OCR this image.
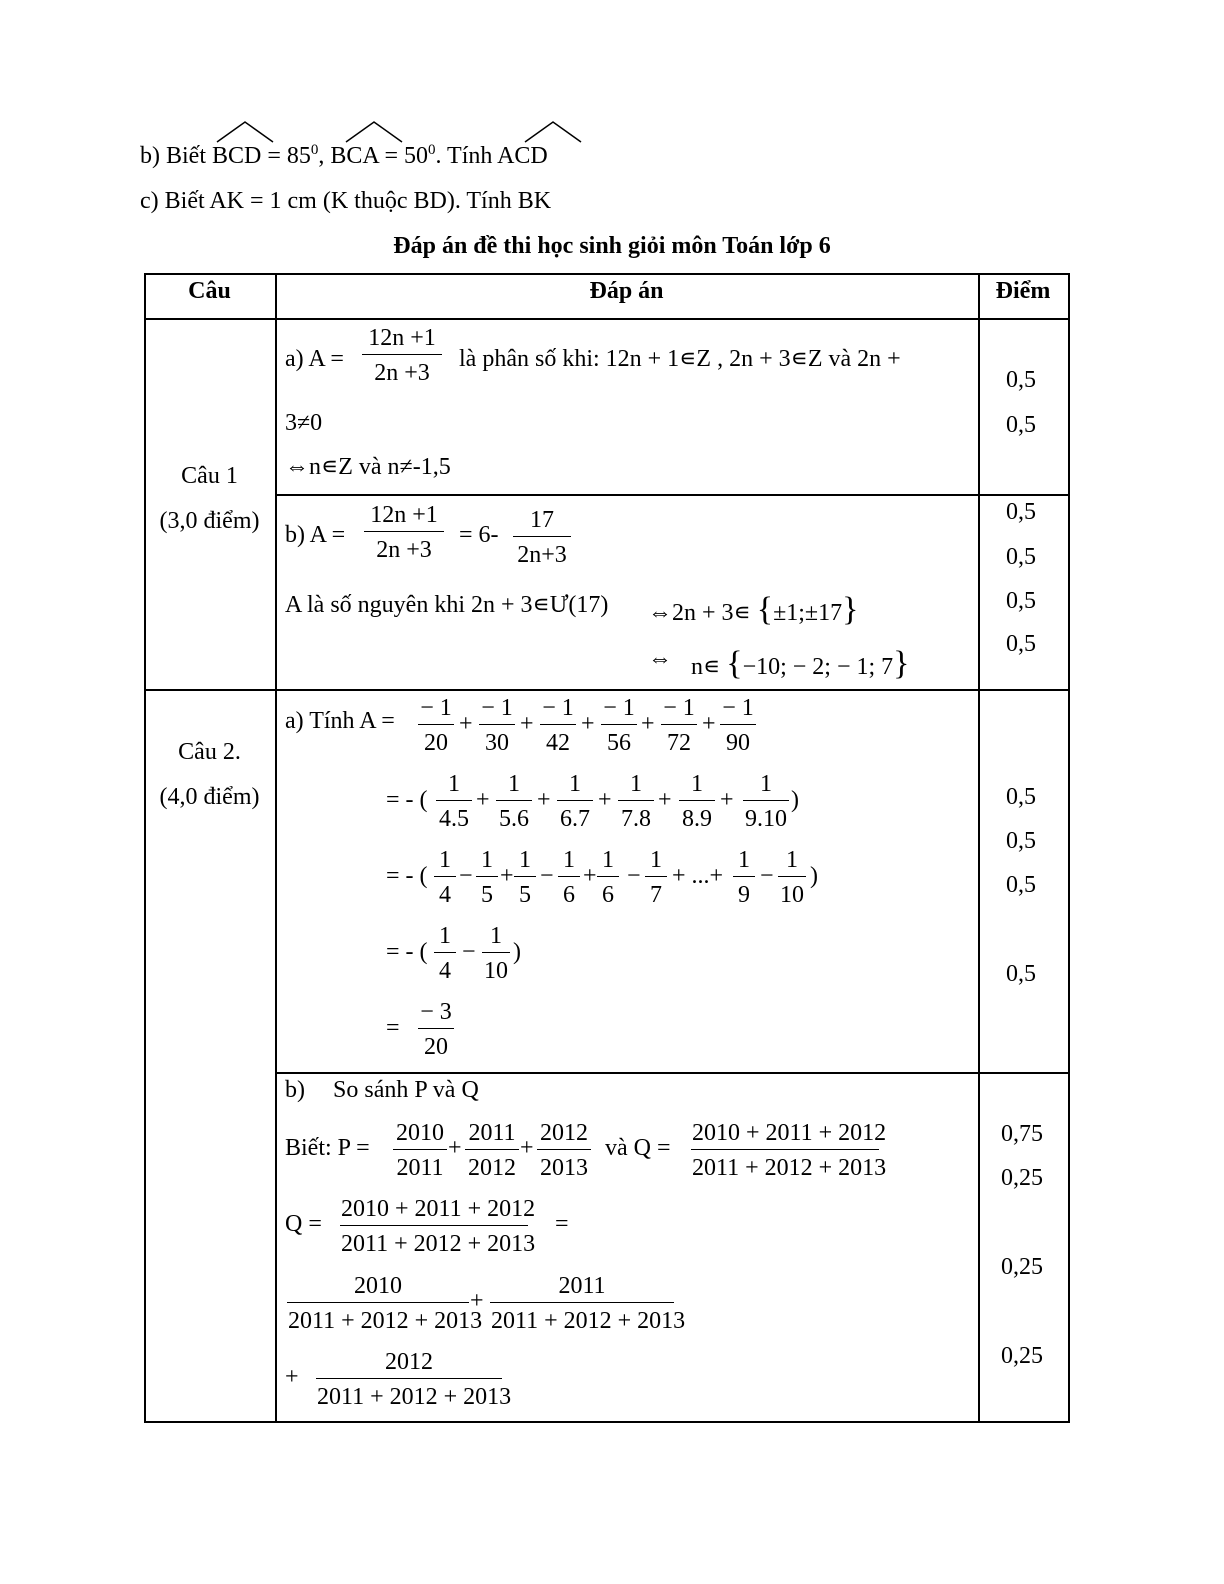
b) Biết BCD = $85^0$, BCA = $50^0$. Tính ACD
c) Biết AK = 1 cm (K thuộc BD). Tính BK
Đáp án đề thi học sinh giỏi môn Toán lớp 6
Câu	Đáp án	Điểm
Câu 1
(3,0 điểm)
a) $A = \frac{12n +1}{2n +3}$ là phân số khi: 12n + 1∊Z , 2n + 3∊Z và 2n +
3≠0
⇔n∊Z và n≠-1,5
0,5
0,5
b) $A = \frac{12n +1}{2n +3} = 6- \frac{17}{2n+3}$
A là số nguyên khi 2n + 3∊Ư(17) ⇔2n + 3∊ {±1;±17}
⇔ n∊ {−10; − 2; − 1; 7}
0,5
0,5
0,5
0,5
Câu 2.
(4,0 điểm)
a) Tính $A = \frac{- 1}{20} + \frac{- 1}{30} + \frac{- 1}{42} + \frac{- 1}{56} + \frac{- 1}{72} + \frac{- 1}{90}$
= - ( $\frac{1}{4.5} + \frac{1}{5.6} + \frac{1}{6.7} + \frac{1}{7.8} + \frac{1}{8.9} + \frac{1}{9.10}$ )
= - ( $\frac{1}{4} - \frac{1}{5} + \frac{1}{5} - \frac{1}{6} + \frac{1}{6} - \frac{1}{7}$ + ...+ $\frac{1}{9} - \frac{1}{10}$ )
= - ( $\frac{1}{4} - \frac{1}{10}$ )
= $\frac{- 3}{20}$
0,5
0,5
0,5
0,5
b) So sánh P và Q
Biết: $P = \frac{2010}{2011} + \frac{2011}{2012} + \frac{2012}{2013}$ và $Q = \frac{2010 + 2011 + 2012}{2011 + 2012 + 2013}$
$Q = \frac{2010 + 2011 + 2012}{2011 + 2012 + 2013}$ =
$\frac{2010}{2011 + 2012 + 2013} + \frac{2011}{2011 + 2012 + 2013}$
+ $\frac{2012}{2011 + 2012 + 2013}$
0,75
0,25
0,25
0,25
